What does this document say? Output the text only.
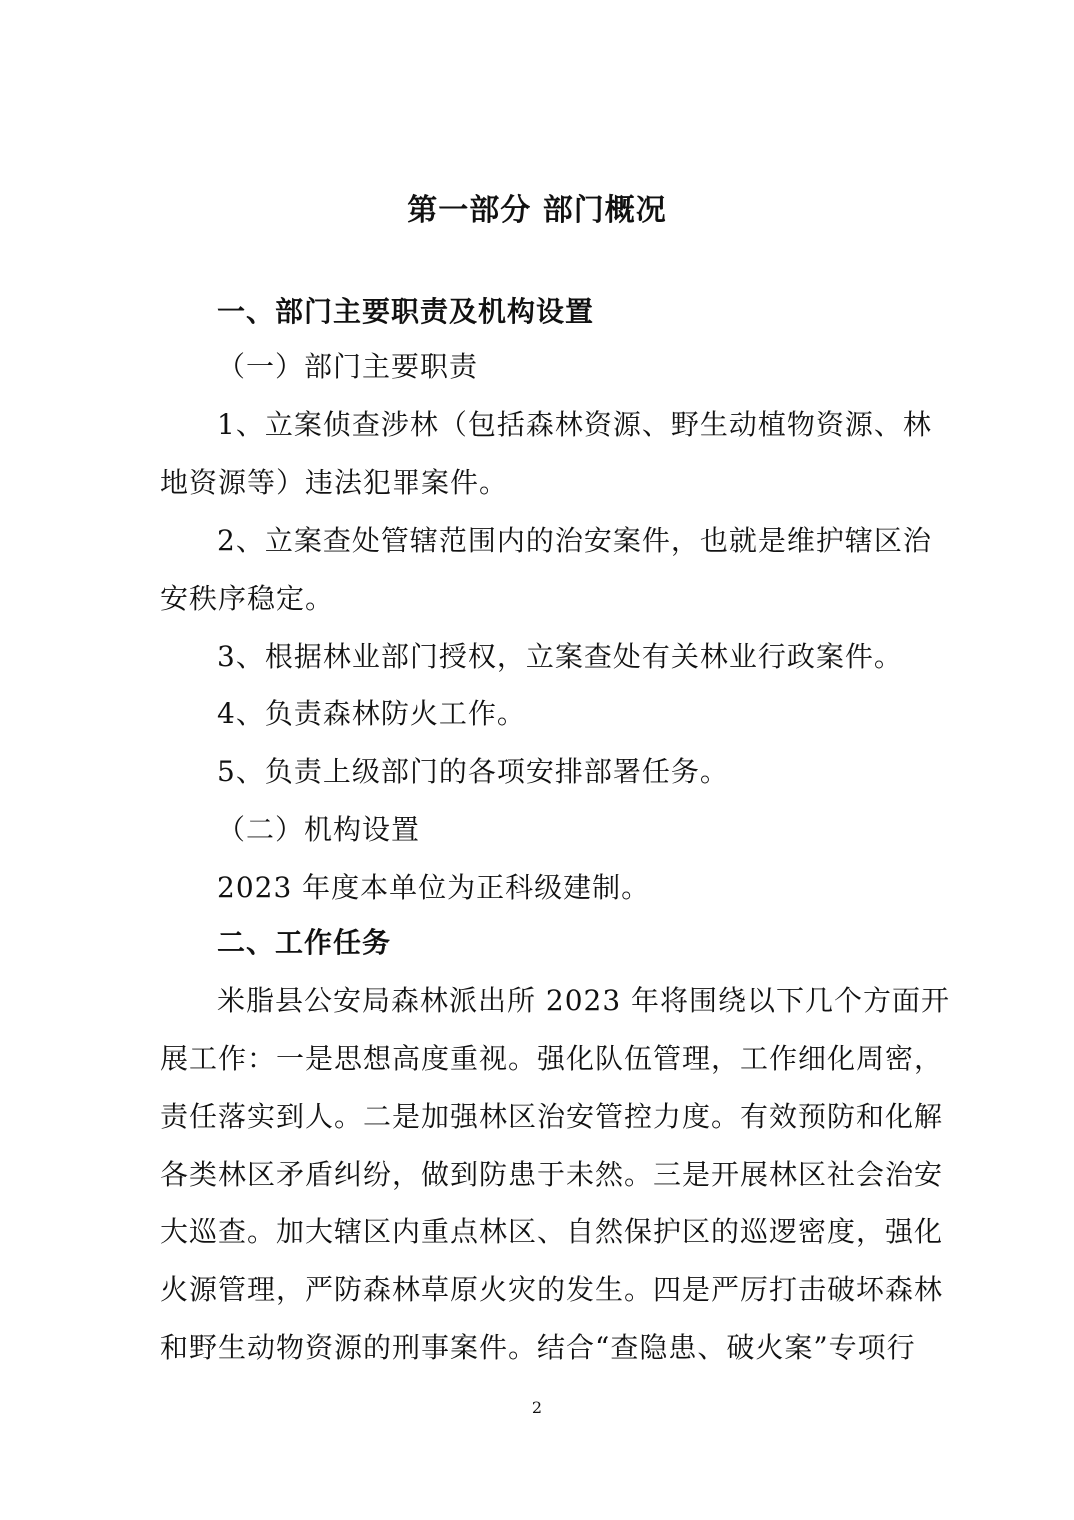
第一部分 部门概况
一、部门主要职责及机构设置
（一）部门主要职责
1、立案侦查涉林（包括森林资源、野生动植物资源、林
地资源等）违法犯罪案件。
2、立案查处管辖范围内的治安案件，也就是维护辖区治
安秩序稳定。
3、根据林业部门授权，立案查处有关林业行政案件。
4、负责森林防火工作。
5、负责上级部门的各项安排部署任务。
（二）机构设置
2023 年度本单位为正科级建制。
二、工作任务
米脂县公安局森林派出所 2023 年将围绕以下几个方面开
展工作：一是思想高度重视。强化队伍管理，工作细化周密，
责任落实到人。二是加强林区治安管控力度。有效预防和化解
各类林区矛盾纠纷，做到防患于未然。三是开展林区社会治安
大巡查。加大辖区内重点林区、自然保护区的巡逻密度，强化
火源管理，严防森林草原火灾的发生。四是严厉打击破坏森林
和野生动物资源的刑事案件。结合“查隐患、破火案”专项行
2
